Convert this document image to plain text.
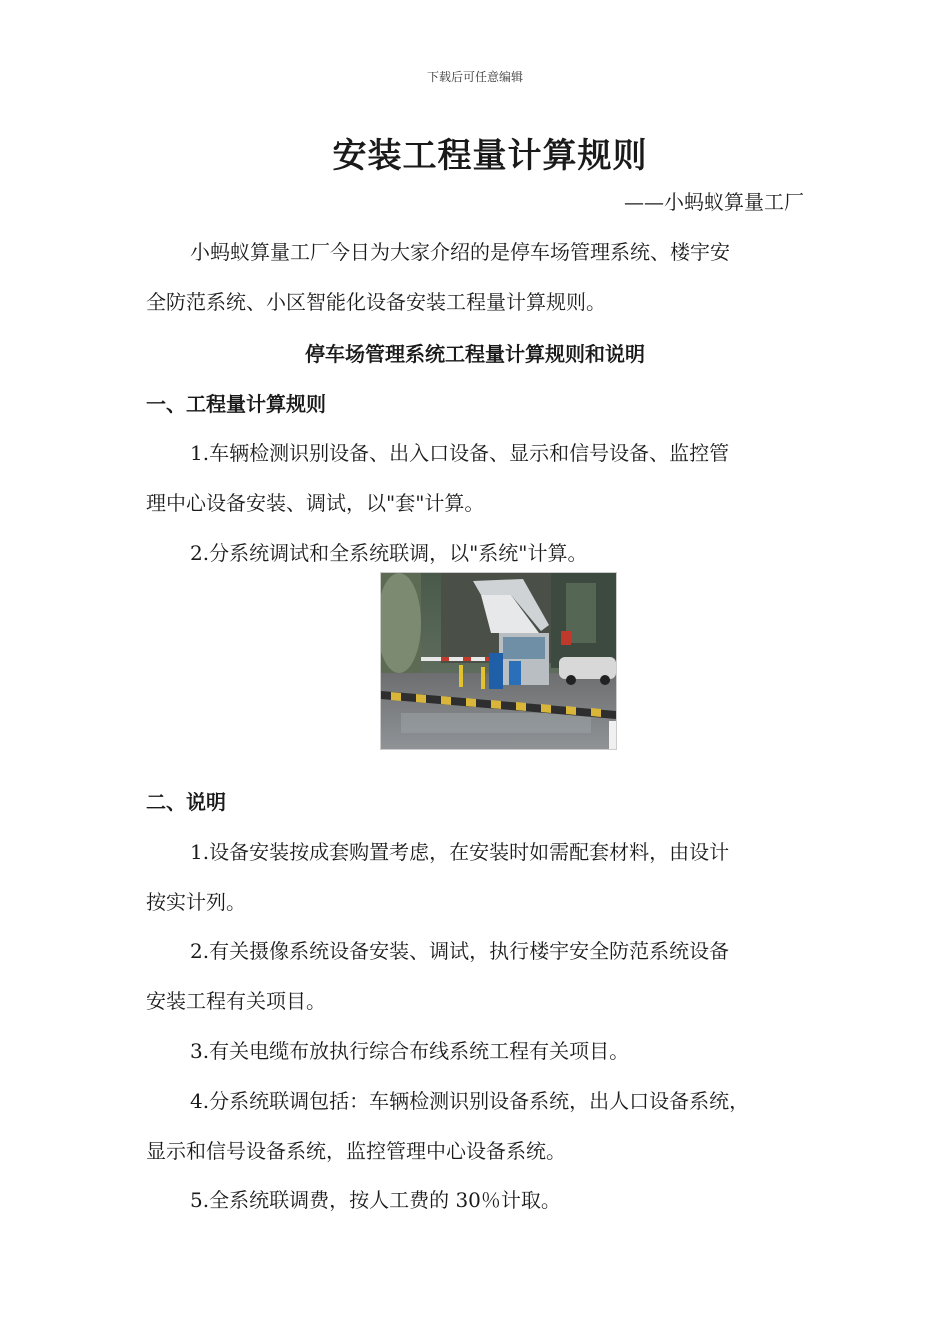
下载后可任意编辑
安装工程量计算规则
——小蚂蚁算量工厂
小蚂蚁算量工厂今日为大家介绍的是停车场管理系统、楼宇安
全防范系统、小区智能化设备安装工程量计算规则。
停车场管理系统工程量计算规则和说明
一、工程量计算规则
1.车辆检测识别设备、出入口设备、显示和信号设备、监控管
理中心设备安装、调试，以"套"计算。
2.分系统调试和全系统联调，以"系统"计算。
二、说明
1.设备安装按成套购置考虑，在安装时如需配套材料，由设计
按实计列。
2.有关摄像系统设备安装、调试，执行楼宇安全防范系统设备
安装工程有关项目。
3.有关电缆布放执行综合布线系统工程有关项目。
4.分系统联调包括：车辆检测识别设备系统，出人口设备系统，
显示和信号设备系统，监控管理中心设备系统。
5.全系统联调费，按人工费的 30％计取。
